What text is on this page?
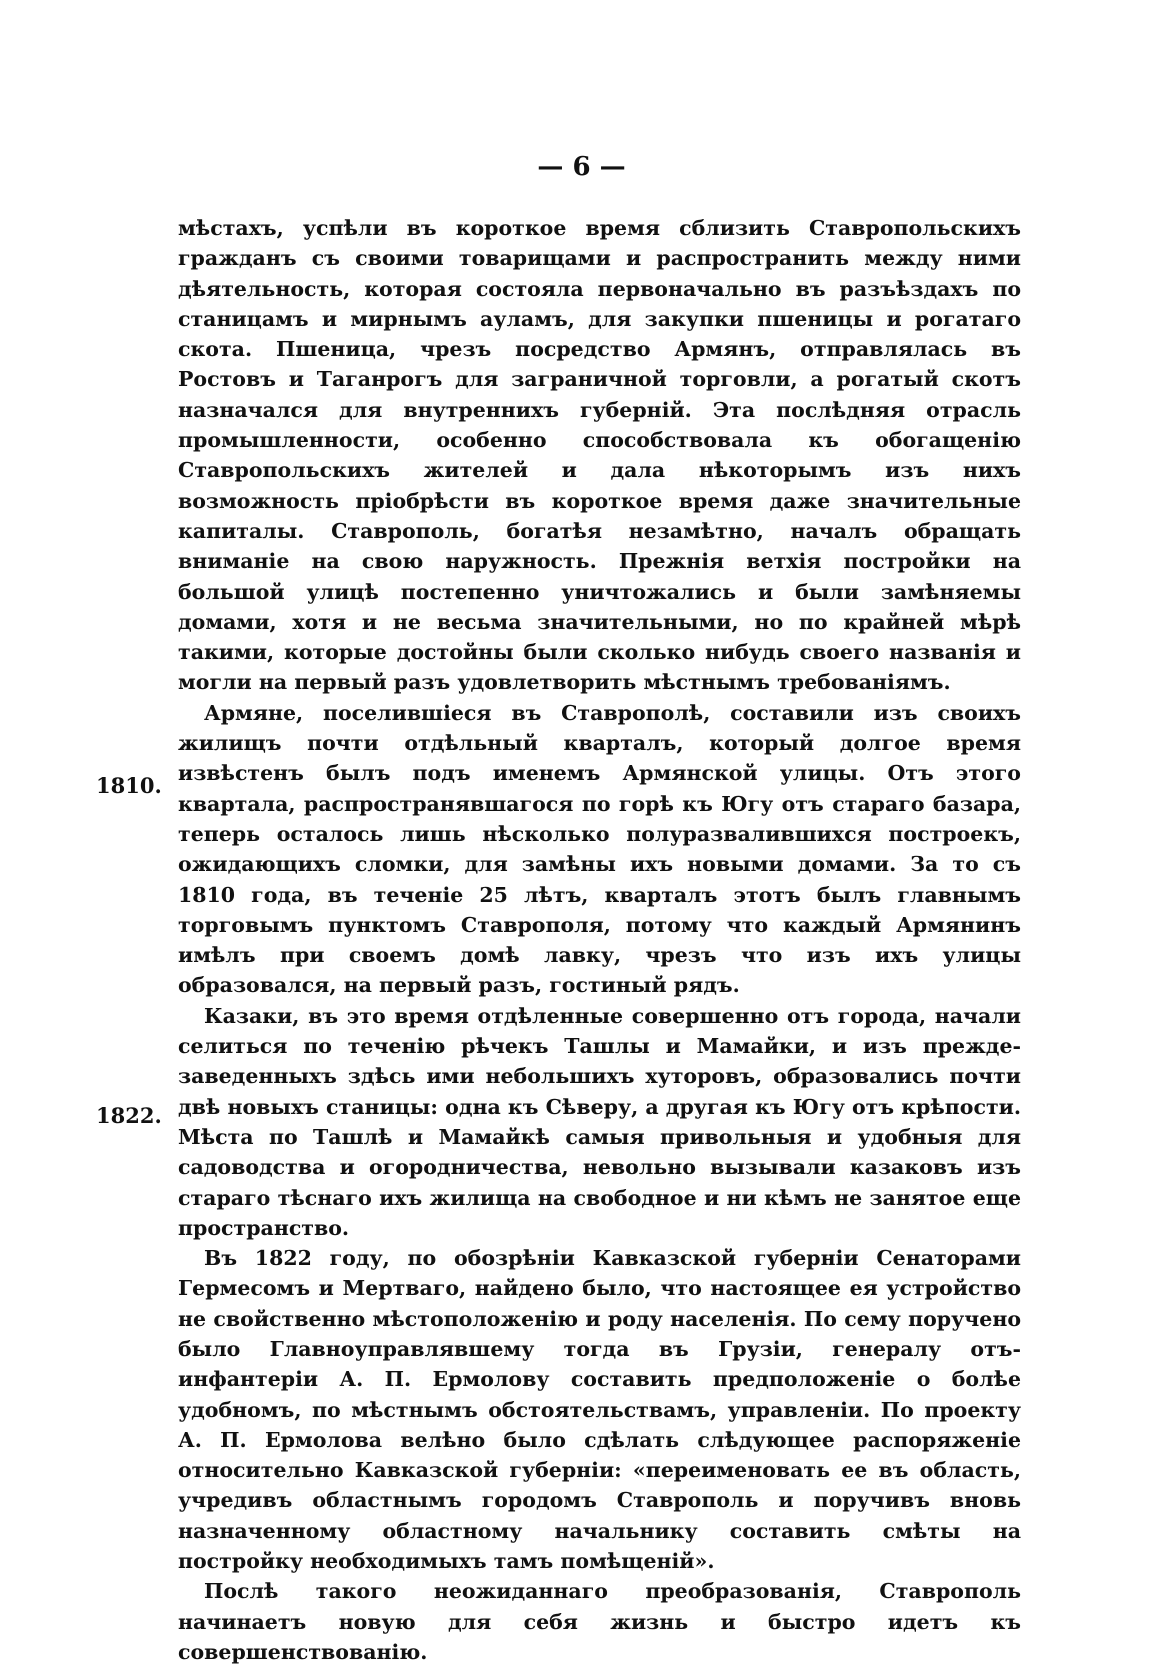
— 6 —
1810.
1822.

мѣстахъ, успѣли въ короткое время сблизить Ставропольскихъ гражданъ съ своими товарищами и распространить между ними дѣятельность, которая состояла первоначально въ разъѣздахъ по станицамъ и мирнымъ ауламъ, для закупки пшеницы и рогатаго скота. Пшеница, чрезъ посредство Армянъ, отправлялась въ Ростовъ и Таганрогъ для заграничной торговли, а рогатый скотъ назначался для внутреннихъ губерній. Эта послѣдняя отрасль промышленности, особенно способствовала къ обогащенію Ставропольскихъ жителей и дала нѣкоторымъ изъ нихъ возможность пріобрѣсти въ короткое время даже значительные капиталы. Ставрополь, богатѣя незамѣтно, началъ обращать вниманіе на свою наружность. Прежнія ветхія постройки на большой улицѣ постепенно уничтожались и были замѣняемы домами, хотя и не весьма значительными, но по крайней мѣрѣ такими, которые достойны были сколько нибудь своего названія и могли на первый разъ удовлетворить мѣстнымъ требованіямъ.

Армяне, поселившіеся въ Ставрополѣ, составили изъ своихъ жилищъ почти отдѣльный кварталъ, который долгое время извѣстенъ былъ подъ именемъ Армянской улицы. Отъ этого квартала, распространявшагося по горѣ къ Югу отъ стараго базара, теперь осталось лишь нѣсколько полуразвалившихся построекъ, ожидающихъ сломки, для замѣны ихъ новыми домами. За то съ 1810 года, въ теченіе 25 лѣтъ, кварталъ этотъ былъ главнымъ торговымъ пунктомъ Ставрополя, потому что каждый Армянинъ имѣлъ при своемъ домѣ лавку, чрезъ что изъ ихъ улицы образовался, на первый разъ, гостиный рядъ.

Казаки, въ это время отдѣленные совершенно отъ города, начали селиться по теченію рѣчекъ Ташлы и Мамайки, и изъ прежде-заведенныхъ здѣсь ими небольшихъ хуторовъ, образовались почти двѣ новыхъ станицы: одна къ Сѣверу, а другая къ Югу отъ крѣпости. Мѣста по Ташлѣ и Мамайкѣ самыя привольныя и удобныя для садоводства и огородничества, невольно вызывали казаковъ изъ стараго тѣснаго ихъ жилища на свободное и ни кѣмъ не занятое еще пространство.

Въ 1822 году, по обозрѣніи Кавказской губерніи Сенаторами Гермесомъ и Мертваго, найдено было, что настоящее ея устройство не свойственно мѣстоположенію и роду населенія. По сему поручено было Главноуправлявшему тогда въ Грузіи, генералу отъ-инфантеріи А. П. Ермолову составить предположеніе о болѣе удобномъ, по мѣстнымъ обстоятельствамъ, управленіи. По проекту А. П. Ермолова велѣно было сдѣлать слѣдующее распоряженіе относительно Кавказской губерніи: «переименовать ее въ область, учредивъ областнымъ городомъ Ставрополь и поручивъ вновь назначенному областному начальнику составить смѣты на постройку необходимыхъ тамъ помѣщеній».

Послѣ такого неожиданнаго преобразованія, Ставрополь начинаетъ новую для себя жизнь и быстро идетъ къ совершенствованію.
